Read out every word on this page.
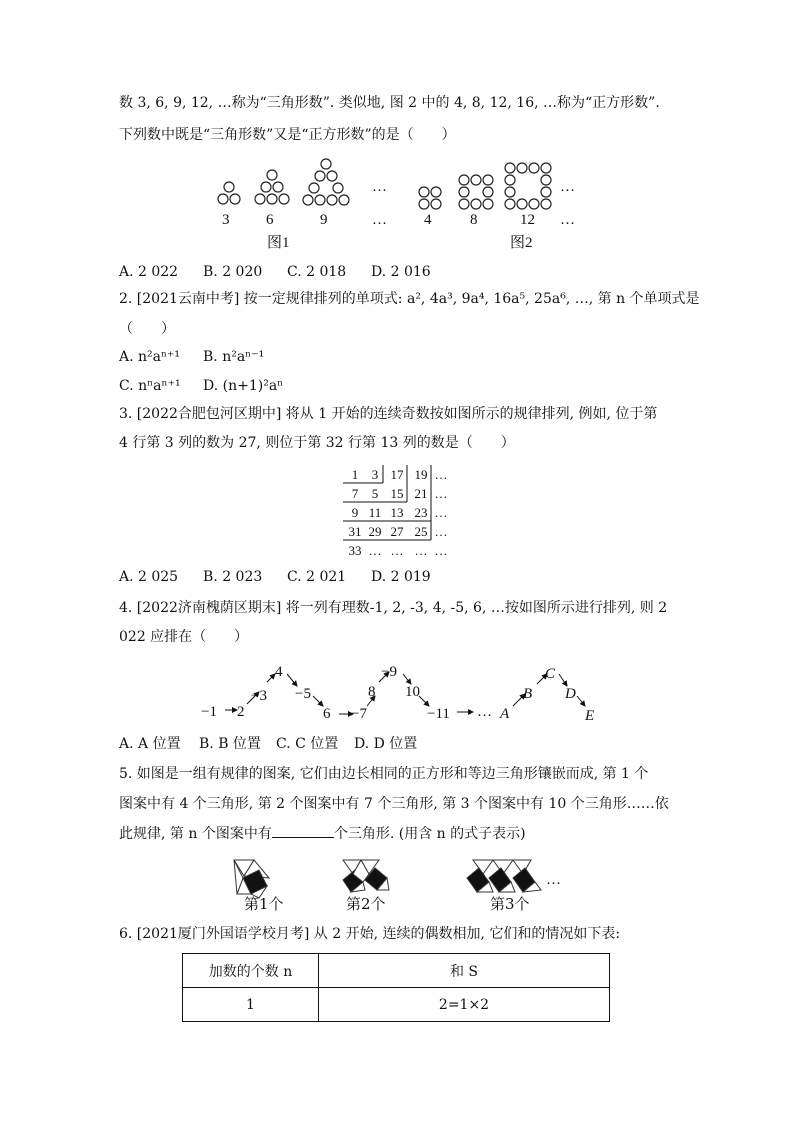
数 3, 6, 9, 12, …称为“三角形数”. 类似地, 图 2 中的 4, 8, 12, 16, …称为“正方形数”.
下列数中既是“三角形数”又是“正方形数”的是（　　）
3 6	9
…
… 4	8	12
…
…
图1	图2
A. 2 022 B. 2 020 C. 2 018 D. 2 016
2. [2021云南中考] 按一定规律排列的单项式: a², 4a³, 9a⁴, 16a⁵, 25a⁶, …, 第 n 个单项式是
（　　）
A. n²aⁿ⁺¹ B. n²aⁿ⁻¹
C. nⁿaⁿ⁺¹ D. (n+1)²aⁿ
3. [2022合肥包河区期中] 将从 1 开始的连续奇数按如图所示的规律排列, 例如, 位于第
4 行第 3 列的数为 27, 则位于第 32 行第 13 列的数是（　　）
1 3 17 19 …
7 5 15 21 …
9 11 13 23 …
31 29 27 25 …
33 … … … …
A. 2 025 B. 2 023 C. 2 021 D. 2 019
4. [2022济南槐荫区期末] 将一列有理数-1, 2, -3, 4, -5, 6, …按如图所示进行排列, 则 2
022 应排在（　　）
−1 2
−3
4
−5
6 −7
8
−9
10
−11 … A
B
C
D
E
A. A 位置 B. B 位置 C. C 位置 D. D 位置
5. 如图是一组有规律的图案, 它们由边长相同的正方形和等边三角形镶嵌而成, 第 1 个
图案中有 4 个三角形, 第 2 个图案中有 7 个三角形, 第 3 个图案中有 10 个三角形……依
此规律, 第 n 个图案中有	个三角形. (用含 n 的式子表示)
…
第1个	第2个	第3个
6. [2021厦门外国语学校月考] 从 2 开始, 连续的偶数相加, 它们和的情况如下表:
加数的个数 n	和 S
1	2=1×2
